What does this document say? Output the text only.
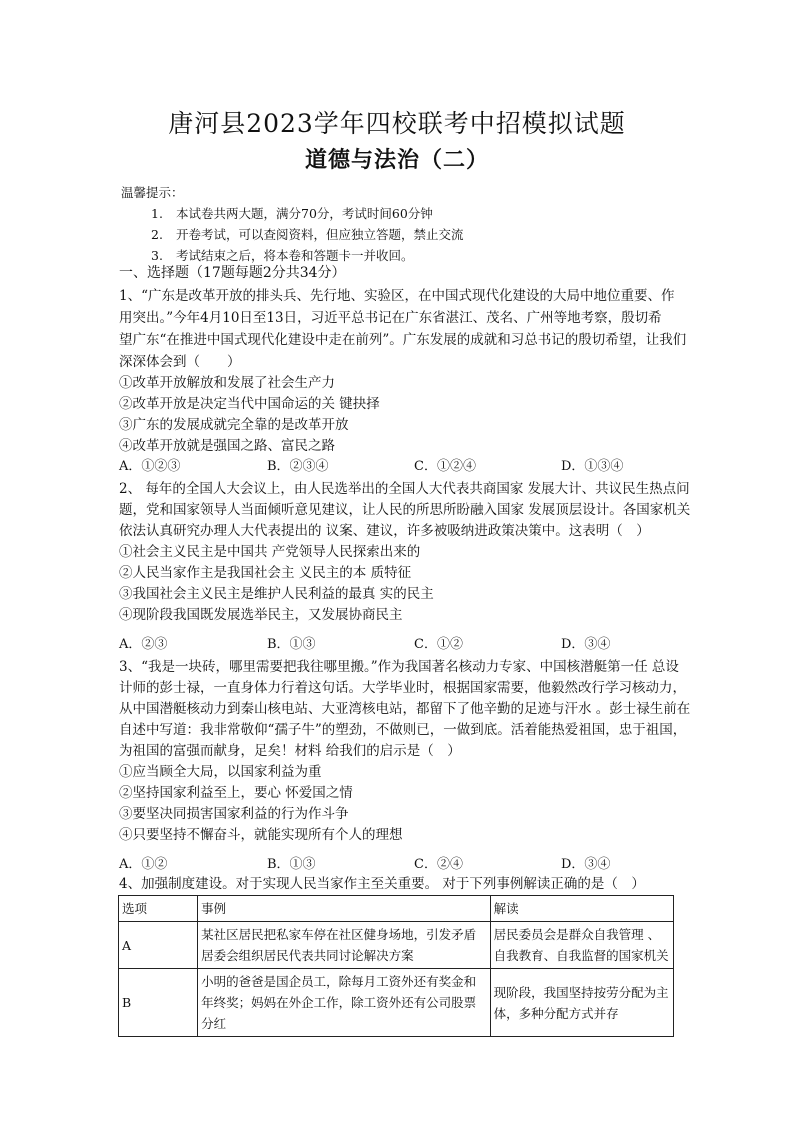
唐河县2023学年四校联考中招模拟试题
道德与法治（二）
温馨提示：
1. 本试卷共两大题，满分70分，考试时间60分钟
2. 开卷考试，可以查阅资料，但应独立答题，禁止交流
3. 考试结束之后，将本卷和答题卡一并收回。
一、选择题（17题每题2分共34分）
1、“广东是改革开放的排头兵、先行地、实验区，在中国式现代化建设的大局中地位重要、作
用突出。”今年4月10日至13日，习近平总书记在广东省湛江、茂名、广州等地考察，殷切希
望广东“在推进中国式现代化建设中走在前列”。广东发展的成就和习总书记的殷切希望，让我们
深深体会到（　　）
①改革开放解放和发展了社会生产力
②改革开放是决定当代中国命运的关 键抉择
③广东的发展成就完全靠的是改革开放
④改革开放就是强国之路、富民之路
A．①②③	B．②③④	C．①②④	D．①③④
2、 每年的全国人大会议上，由人民选举出的全国人大代表共商国家 发展大计、共议民生热点问
题，党和国家领导人当面倾听意见建议，让人民的所思所盼融入国家 发展顶层设计。各国家机关
依法认真研究办理人大代表提出的 议案、建议，许多被吸纳进政策决策中。这表明（　）
①社会主义民主是中国共 产党领导人民探索出来的
②人民当家作主是我国社会主 义民主的本 质特征
③我国社会主义民主是维护人民利益的最真 实的民主
④现阶段我国既发展选举民主，又发展协商民主
A．②③	B．①③	C．①②	D．③④
3、“我是一块砖，哪里需要把我往哪里搬。”作为我国著名核动力专家、中国核潜艇第一任 总设
计师的彭士禄，一直身体力行着这句话。大学毕业时，根据国家需要，他毅然改行学习核动力，
从中国潜艇核动力到秦山核电站、大亚湾核电站，都留下了他辛勤的足迹与汗水 。彭士禄生前在
自述中写道：我非常敬仰“孺子牛”的塑劲，不做则已，一做到底。活着能热爱祖国，忠于祖国，
为祖国的富强而献身，足矣！材料 给我们的启示是（　）
①应当顾全大局，以国家利益为重
②坚持国家利益至上，要心 怀爱国之情
③要坚决同损害国家利益的行为作斗争
④只要坚持不懈奋斗，就能实现所有个人的理想
A．①②	B．①③	C．②④	D．③④
4、加强制度建设。对于实现人民当家作主至关重要。 对于下列事例解读正确的是（　）
选项	事例	解读
A	某社区居民把私家车停在社区健身场地，引发矛盾居委会组织居民代表共同讨论解决方案	居民委员会是群众自我管理 、自我教育、自我监督的国家机关
B	小明的爸爸是国企员工，除每月工资外还有奖金和年终奖；妈妈在外企工作，除工资外还有公司股票分红	现阶段，我国坚持按劳分配为主体，多种分配方式并存
